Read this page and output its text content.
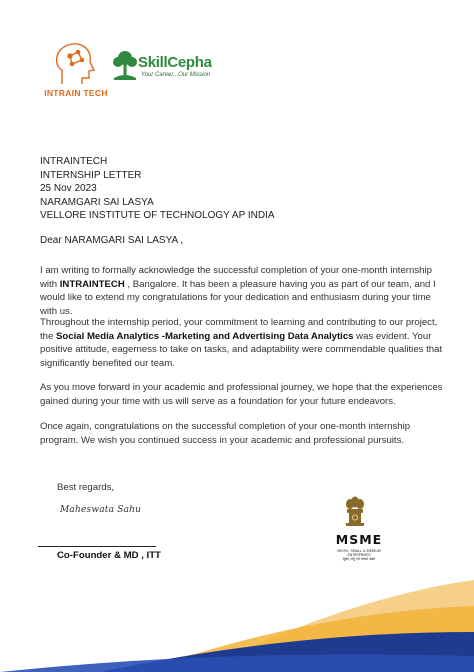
INTRAIN TECH
SkillCepha
Your Career...Our Mission
INTRAINTECH
INTERNSHIP LETTER
25 Nov 2023
NARAMGARI SAI LASYA
VELLORE INSTITUTE OF TECHNOLOGY AP INDIA
Dear NARAMGARI SAI LASYA ,

I am writing to formally acknowledge the successful completion of your one-month internship with INTRAINTECH , Bangalore. It has been a pleasure having you as part of our team, and I would like to extend my congratulations for your dedication and enthusiasm during your time with us.

Throughout the internship period, your commitment to learning and contributing to our project, the Social Media Analytics -Marketing and Advertising Data Analytics was evident. Your positive attitude, eagerness to take on tasks, and adaptability were commendable qualities that significantly benefited our team.

As you move forward in your academic and professional journey, we hope that the experiences gained during your time with us will serve as a foundation for your future endeavors.

Once again, congratulations on the successful completion of your one-month internship program. We wish you continued success in your academic and professional pursuits.

Best regards,
Maheswata Sahu
Co-Founder & MD , ITT
MSME
MICRO, SMALL & MEDIUM ENTERPRISES
सूक्ष्म, लघु एवं मध्यम उद्यम
